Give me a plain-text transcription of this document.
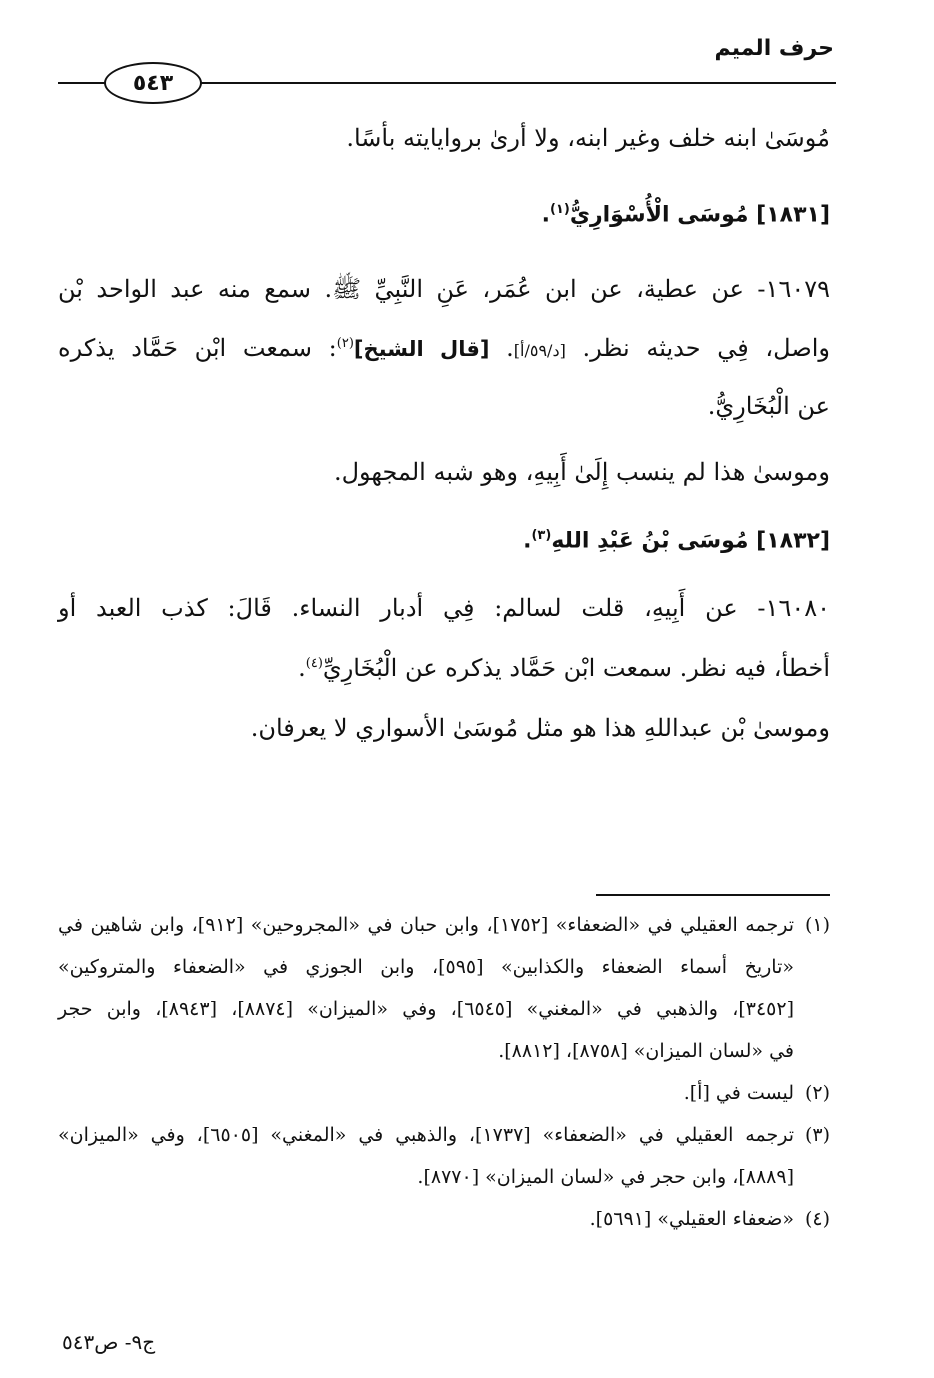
حرف الميم
٥٤٣
مُوسَىٰ ابنه خلف وغير ابنه، ولا أرىٰ بروايايته بأسًا.
[١٨٣١] مُوسَى الْأُسْوَارِيُّ$^{(١)}$.
١٦٠٧٩- عن عطية، عن ابن عُمَر، عَنِ النَّبِيِّ ﷺ. سمع منه عبد الواحد بْن
واصل، فِي حديثه نظر. [د/٥٩/أ]. [قال الشيخ]$^{(٢)}$: سمعت ابْن حَمَّاد يذكره
عن الْبُخَارِيُّ.
وموسىٰ هذا لم ينسب إِلَىٰ أَبِيهِ، وهو شبه المجهول.
[١٨٣٢] مُوسَى بْنُ عَبْدِ اللهِ$^{(٣)}$.
١٦٠٨٠- عن أَبِيهِ، قلت لسالم: فِي أدبار النساء. قَالَ: كذب العبد أو
أخطأ، فيه نظر. سمعت ابْن حَمَّاد يذكره عن الْبُخَارِيِّ$^{(٤)}$.
وموسىٰ بْن عبداللهِ هذا هو مثل مُوسَىٰ الأسواري لا يعرفان.
(١)
ترجمه العقيلي في «الضعفاء» [١٧٥٢]، وابن حبان في «المجروحين» [٩١٢]، وابن شاهين في
«تاريخ أسماء الضعفاء والكذابين» [٥٩٥]، وابن الجوزي في «الضعفاء والمتروكين»
[٣٤٥٢]، والذهبي في «المغني» [٦٥٤٥]، وفي «الميزان» [٨٨٧٤]، [٨٩٤٣]، وابن حجر
في «لسان الميزان» [٨٧٥٨]، [٨٨١٢].
(٢)
ليست في [أ].
(٣)
ترجمه العقيلي في «الضعفاء» [١٧٣٧]، والذهبي في «المغني» [٦٥٠٥]، وفي «الميزان»
[٨٨٨٩]، وابن حجر في «لسان الميزان» [٨٧٧٠].
(٤)
«ضعفاء العقيلي» [٥٦٩١].
ج٩- ص٥٤٣
